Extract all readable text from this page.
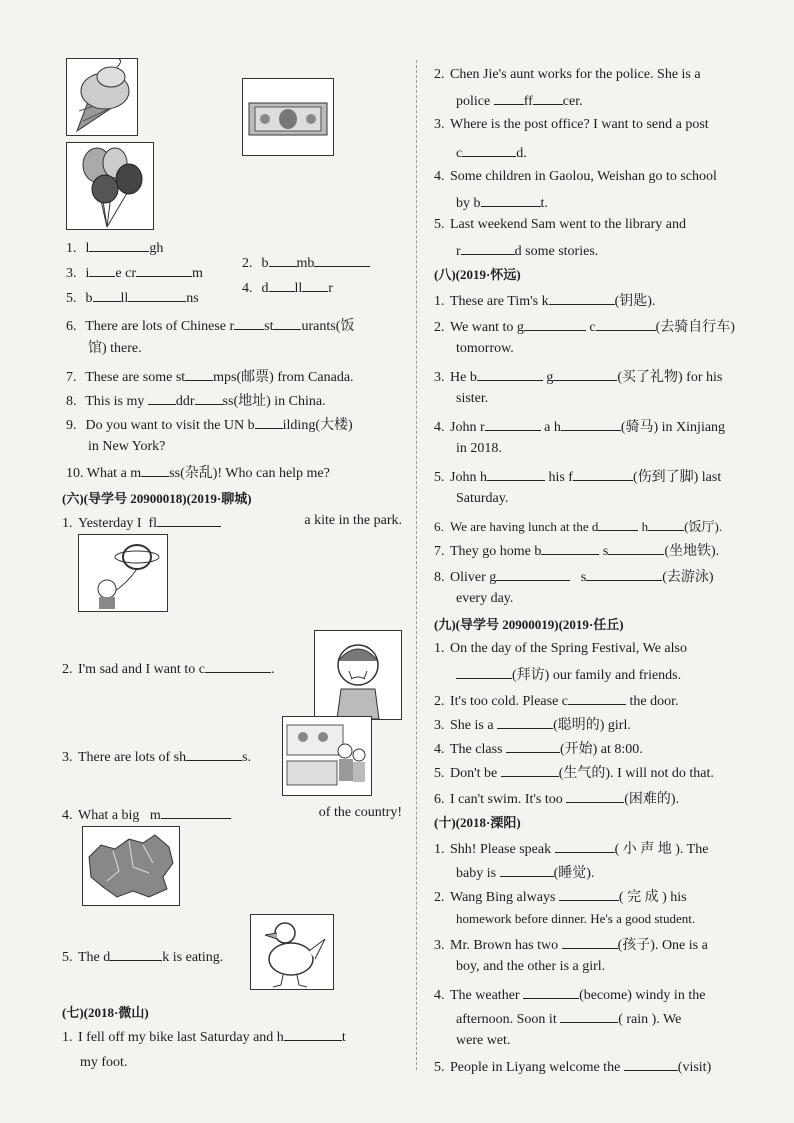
1. l	gh
2. b mb
3. i e cr	m
4. d ll r
5. b ll	ns
6. There are lots of Chinese r st urants(饭
馆) there.
7. These are some st mps(邮票) from Canada.
8. This is my ddr ss(地址) in China.
9. Do you want to visit the UN b ilding(大楼)
in New York?
10. What a m ss(杂乱)! Who can help me?
(六)(导学号 20900018)(2019·聊城)
1. Yesterday I fl	a kite in the park.
2. I'm sad and I want to c	.
3. There are lots of sh	s.
4. What a big m	of the country!
5. The d	k is eating.
(七)(2018·微山)
1. I fell off my bike last Saturday and h	t
my foot.
2. Chen Jie's aunt works for the police. She is a
police ff cer.
3. Where is the post office? I want to send a post
c	d.
4. Some children in Gaolou, Weishan go to school
by b	t.
5. Last weekend Sam went to the library and
r	d some stories.
(八)(2019·怀远)
1. These are Tim's k	(钥匙).
2. We want to g	c	(去骑自行车)
tomorrow.
3. He b	g	(买了礼物) for his
sister.
4. John r	a h	(骑马) in Xinjiang
in 2018.
5. John h	his f	(伤到了脚) last
Saturday.
6. We are having lunch at the d	h	(饭厅).
7. They go home b	s	(坐地铁).
8. Oliver g	s	(去游泳)
every day.
(九)(导学号 20900019)(2019·任丘)
1. On the day of the Spring Festival, We also
(拜访) our family and friends.
2. It's too cold. Please c	the door.
3. She is a	(聪明的) girl.
4. The class	(开始) at 8:00.
5. Don't be	(生气的). I will not do that.
6. I can't swim. It's too	(困难的).
(十)(2018·溧阳)
1. Shh! Please speak	( 小 声 地 ). The
baby is	(睡觉).
2. Wang Bing always	( 完 成 ) his
homework before dinner. He's a good student.
3. Mr. Brown has two	(孩子). One is a
boy, and the other is a girl.
4. The weather	(become) windy in the
afternoon. Soon it	( rain ). We
were wet.
5. People in Liyang welcome the	(visit)
